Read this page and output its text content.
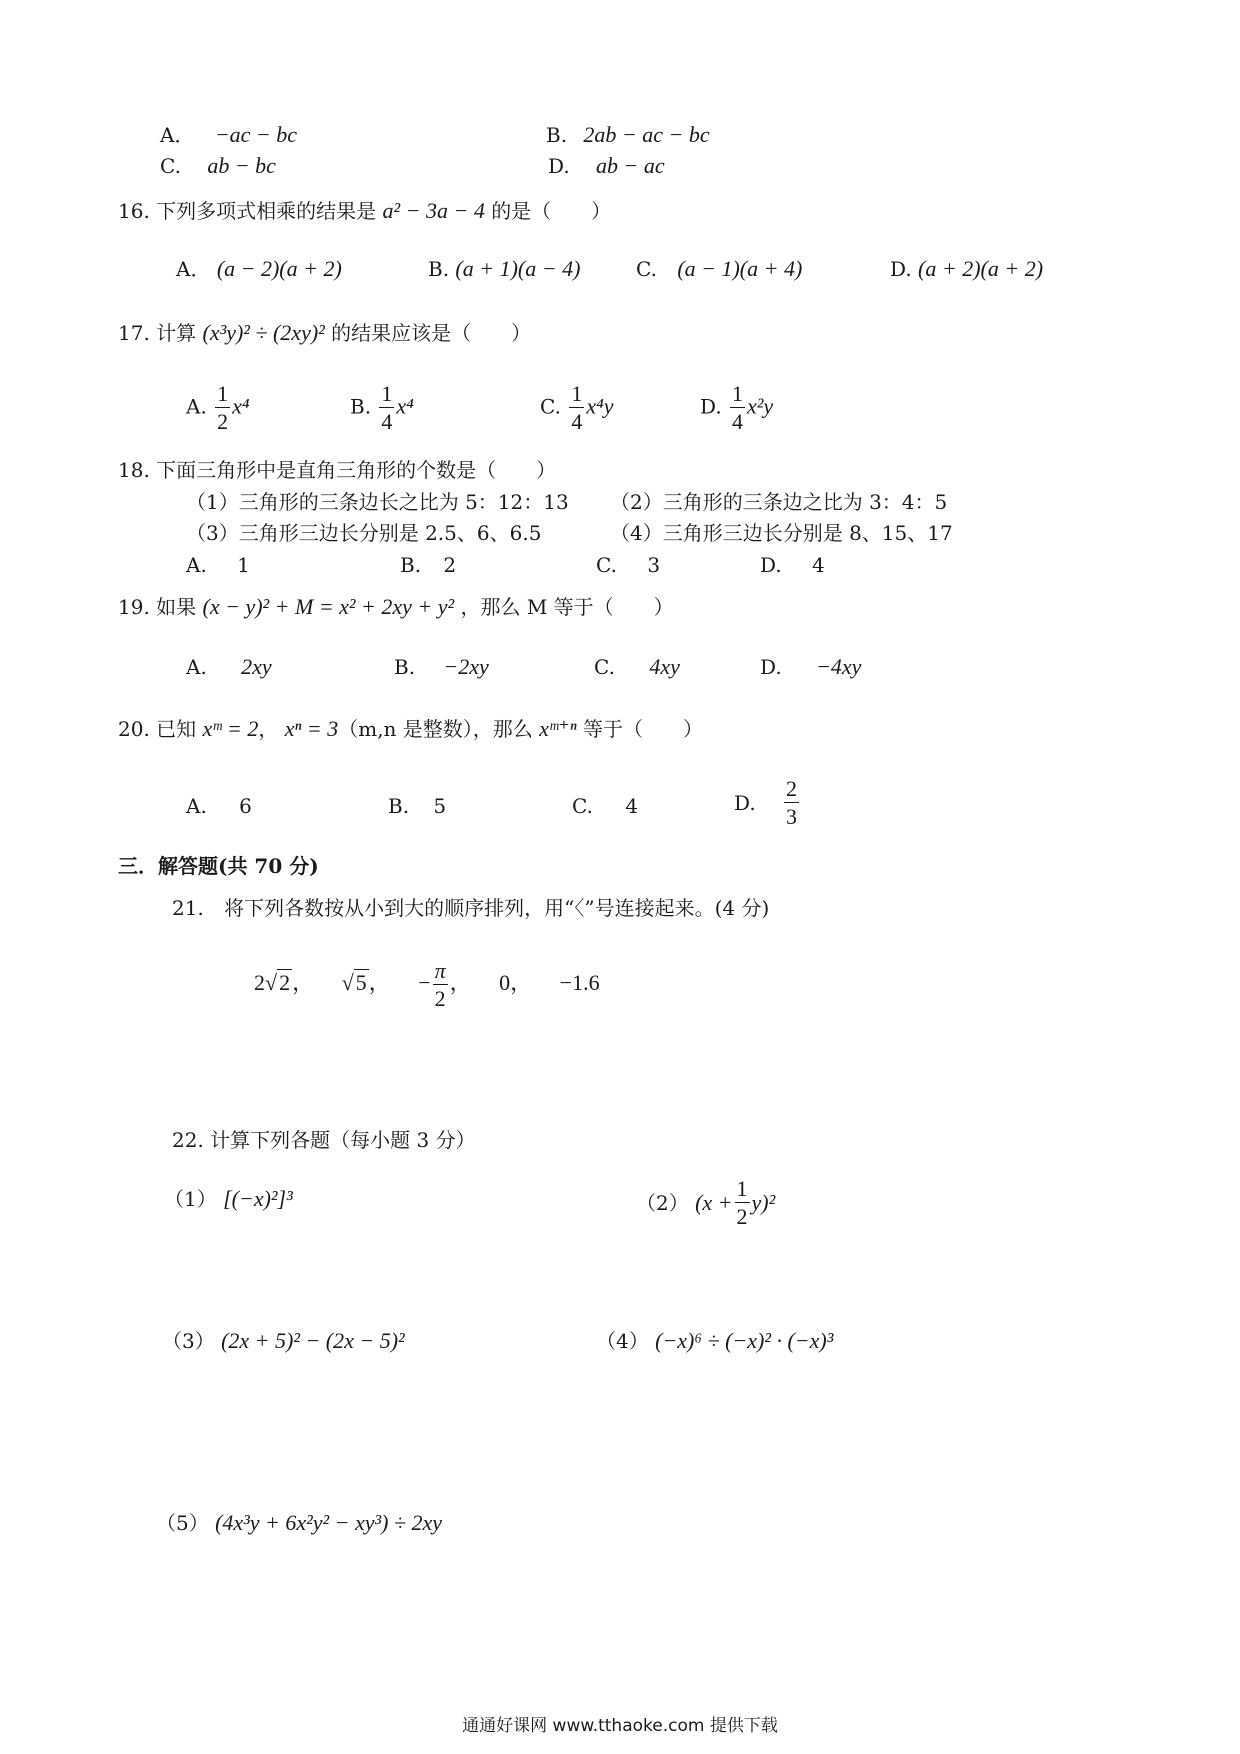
A． −ac − bc	B. 2ab − ac − bc
C. ab − bc	D. ab − ac
16. 下列多项式相乘的结果是 a² − 3a − 4 的是（　　）
A． (a − 2)(a + 2)	B. (a + 1)(a − 4)	C. (a − 1)(a + 4)	D. (a + 2)(a + 2)
17. 计算 (x³y)² ÷ (2xy)² 的结果应该是（　　）
A. $\frac{1}{2} x^4$	B. $\frac{1}{4} x^4$	C. $\frac{1}{4} x^4y$	D. $\frac{1}{4} x^2y$
18. 下面三角形中是直角三角形的个数是（　　）
（1）三角形的三条边长之比为 5：12：13 （2）三角形的三条边之比为 3：4：5
（3）三角形三边长分别是 2.5、6、6.5	（4）三角形三边长分别是 8、15、17
A. 1	B. 2	C. 3	D. 4
19. 如果 (x − y)² + M = x² + 2xy + y² ，那么 M 等于（　　）
A. 2xy	B. −2xy	C. 4xy	D. −4xy
20. 已知 xᵐ = 2， xⁿ = 3（m,n 是整数），那么 xᵐ⁺ⁿ 等于（　　）
A. 6	B. 5	C. 4	D. $\frac{2}{3}$
三．解答题(共 70 分)
21. 将下列各数按从小到大的顺序排列，用“〈”号连接起来。(4 分)
2√ 2 ， √ 5 ， − $\frac{\pi}{2}$ ， 0， −1.6
22. 计算下列各题（每小题 3 分）
（1） [(−x)²]³	（2） $(x + \frac{1}{2} y)^2$
（3） (2x + 5)² − (2x − 5)²	（4） (−x)⁶ ÷ (−x)² · (−x)³
（5） (4x³y + 6x²y² − xy³) ÷ 2xy
通通好课网 www.tthaoke.com 提供下载
